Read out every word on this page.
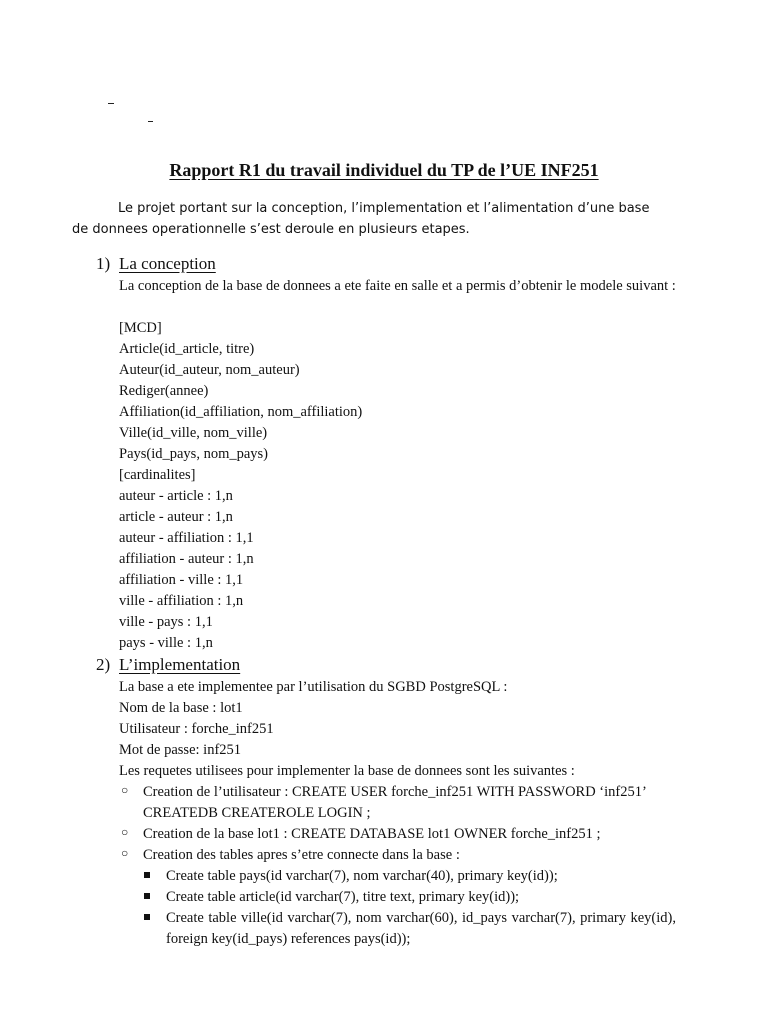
Rapport R1 du travail individuel du TP de l’UE INF251
Le projet portant sur la conception, l’implementation et l’alimentation d’une base de donnees operationnelle s’est deroule en plusieurs etapes.
1) La conception
La conception de la base de donnees a ete faite en salle et a permis d’obtenir le modele suivant :
[MCD]
Article(id_article, titre)
Auteur(id_auteur, nom_auteur)
Rediger(annee)
Affiliation(id_affiliation, nom_affiliation)
Ville(id_ville, nom_ville)
Pays(id_pays, nom_pays)
[cardinalites]
auteur - article : 1,n
article - auteur : 1,n
auteur - affiliation : 1,1
affiliation - auteur : 1,n
affiliation - ville : 1,1
ville - affiliation : 1,n
ville - pays : 1,1
pays - ville : 1,n
2) L’implementation
La base a ete implementee par l’utilisation du SGBD PostgreSQL :
Nom de la base : lot1
Utilisateur : forche_inf251
Mot de passe: inf251
Les requetes utilisees pour implementer la base de donnees sont les suivantes :
○ Creation de l’utilisateur : CREATE USER forche_inf251 WITH PASSWORD ‘inf251’ CREATEDB CREATEROLE LOGIN ;
○ Creation de la base lot1 : CREATE DATABASE lot1 OWNER forche_inf251 ;
○ Creation des tables apres s’etre connecte dans la base :
Create table pays(id varchar(7), nom varchar(40), primary key(id));
Create table article(id varchar(7), titre text, primary key(id));
Create table ville(id varchar(7), nom varchar(60), id_pays varchar(7), primary key(id), foreign key(id_pays) references pays(id));
